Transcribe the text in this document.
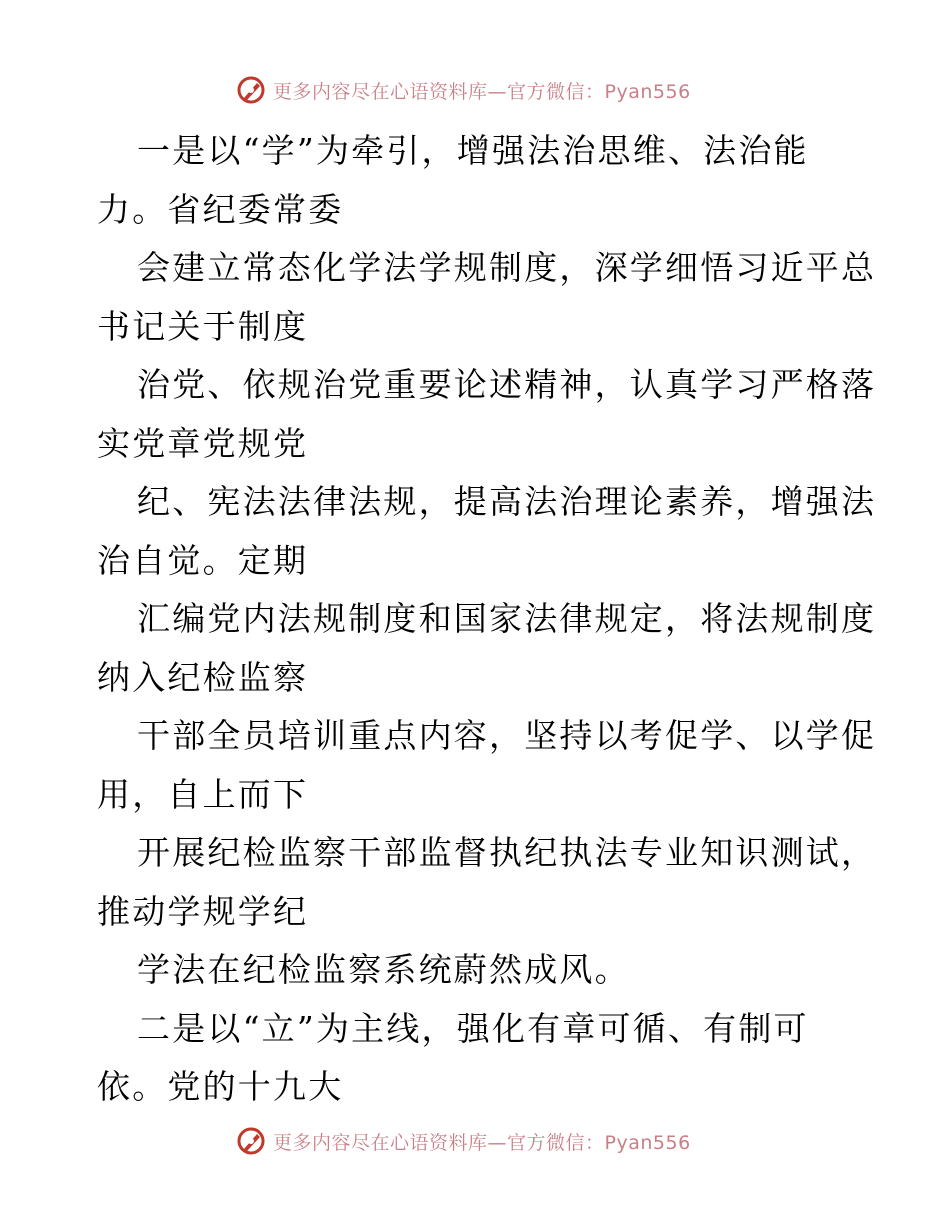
更多内容尽在心语资料库—官方微信：Pyan556
一是以“学”为牵引，增强法治思维、法治能
力。省纪委常委
会建立常态化学法学规制度，深学细悟习近平总
书记关于制度
治党、依规治党重要论述精神，认真学习严格落
实党章党规党
纪、宪法法律法规，提高法治理论素养，增强法
治自觉。定期
汇编党内法规制度和国家法律规定，将法规制度
纳入纪检监察
干部全员培训重点内容，坚持以考促学、以学促
用，自上而下
开展纪检监察干部监督执纪执法专业知识测试，
推动学规学纪
学法在纪检监察系统蔚然成风。
二是以“立”为主线，强化有章可循、有制可
依。党的十九大
更多内容尽在心语资料库—官方微信：Pyan556
